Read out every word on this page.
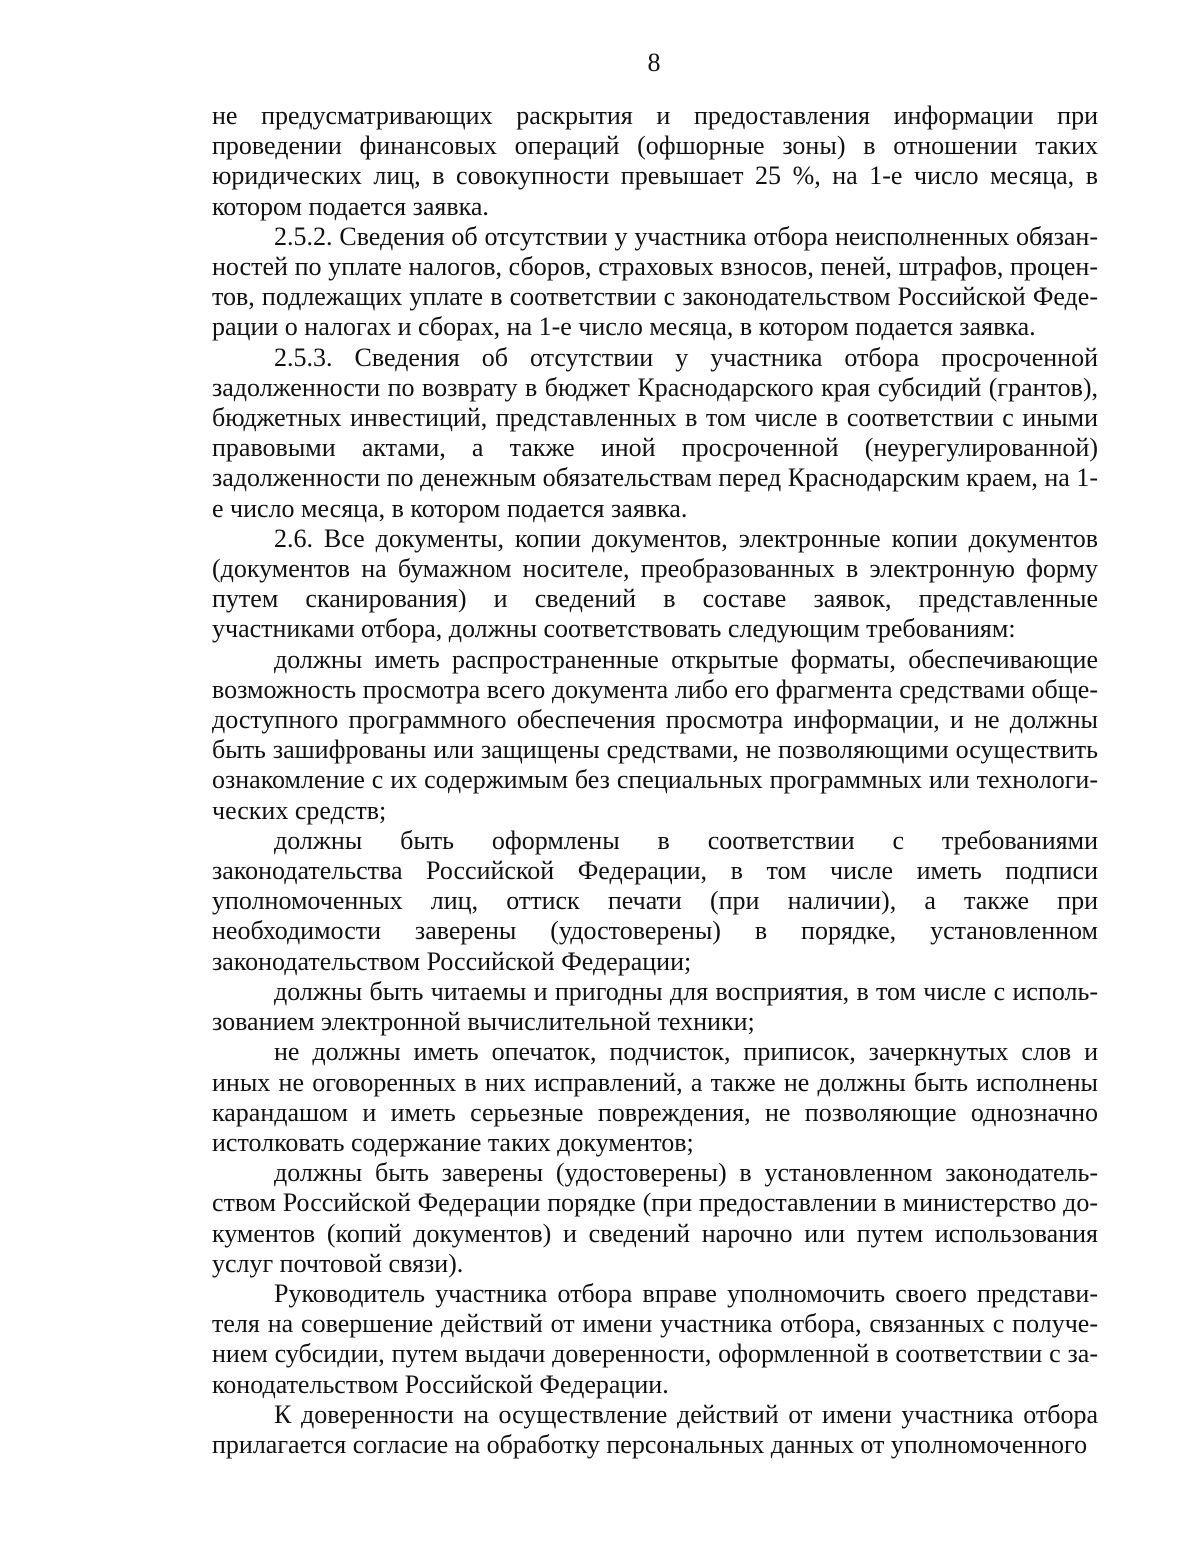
8

не предусматривающих раскрытия и предоставления информации при проведении финансовых операций (офшорные зоны) в отношении таких юридических лиц, в совокупности превышает 25 %, на 1-е число месяца, в котором подается заявка.

2.5.2. Сведения об отсутствии у участника отбора неисполненных обязанностей по уплате налогов, сборов, страховых взносов, пеней, штрафов, процентов, подлежащих уплате в соответствии с законодательством Российской Федерации о налогах и сборах, на 1-е число месяца, в котором подается заявка.

2.5.3. Сведения об отсутствии у участника отбора просроченной задолженности по возврату в бюджет Краснодарского края субсидий (грантов), бюджетных инвестиций, представленных в том числе в соответствии с иными правовыми актами, а также иной просроченной (неурегулированной) задолженности по денежным обязательствам перед Краснодарским краем, на 1-е число месяца, в котором подается заявка.

2.6. Все документы, копии документов, электронные копии документов (документов на бумажном носителе, преобразованных в электронную форму путем сканирования) и сведений в составе заявок, представленные участниками отбора, должны соответствовать следующим требованиям:

должны иметь распространенные открытые форматы, обеспечивающие возможность просмотра всего документа либо его фрагмента средствами общедоступного программного обеспечения просмотра информации, и не должны быть зашифрованы или защищены средствами, не позволяющими осуществить ознакомление с их содержимым без специальных программных или технологических средств;

должны быть оформлены в соответствии с требованиями законодательства Российской Федерации, в том числе иметь подписи уполномоченных лиц, оттиск печати (при наличии), а также при необходимости заверены (удостоверены) в порядке, установленном законодательством Российской Федерации;

должны быть читаемы и пригодны для восприятия, в том числе с использованием электронной вычислительной техники;

не должны иметь опечаток, подчисток, приписок, зачеркнутых слов и иных не оговоренных в них исправлений, а также не должны быть исполнены карандашом и иметь серьезные повреждения, не позволяющие однозначно истолковать содержание таких документов;

должны быть заверены (удостоверены) в установленном законодательством Российской Федерации порядке (при предоставлении в министерство документов (копий документов) и сведений нарочно или путем использования услуг почтовой связи).

Руководитель участника отбора вправе уполномочить своего представителя на совершение действий от имени участника отбора, связанных с получением субсидии, путем выдачи доверенности, оформленной в соответствии с законодательством Российской Федерации.

К доверенности на осуществление действий от имени участника отбора прилагается согласие на обработку персональных данных от уполномоченного
